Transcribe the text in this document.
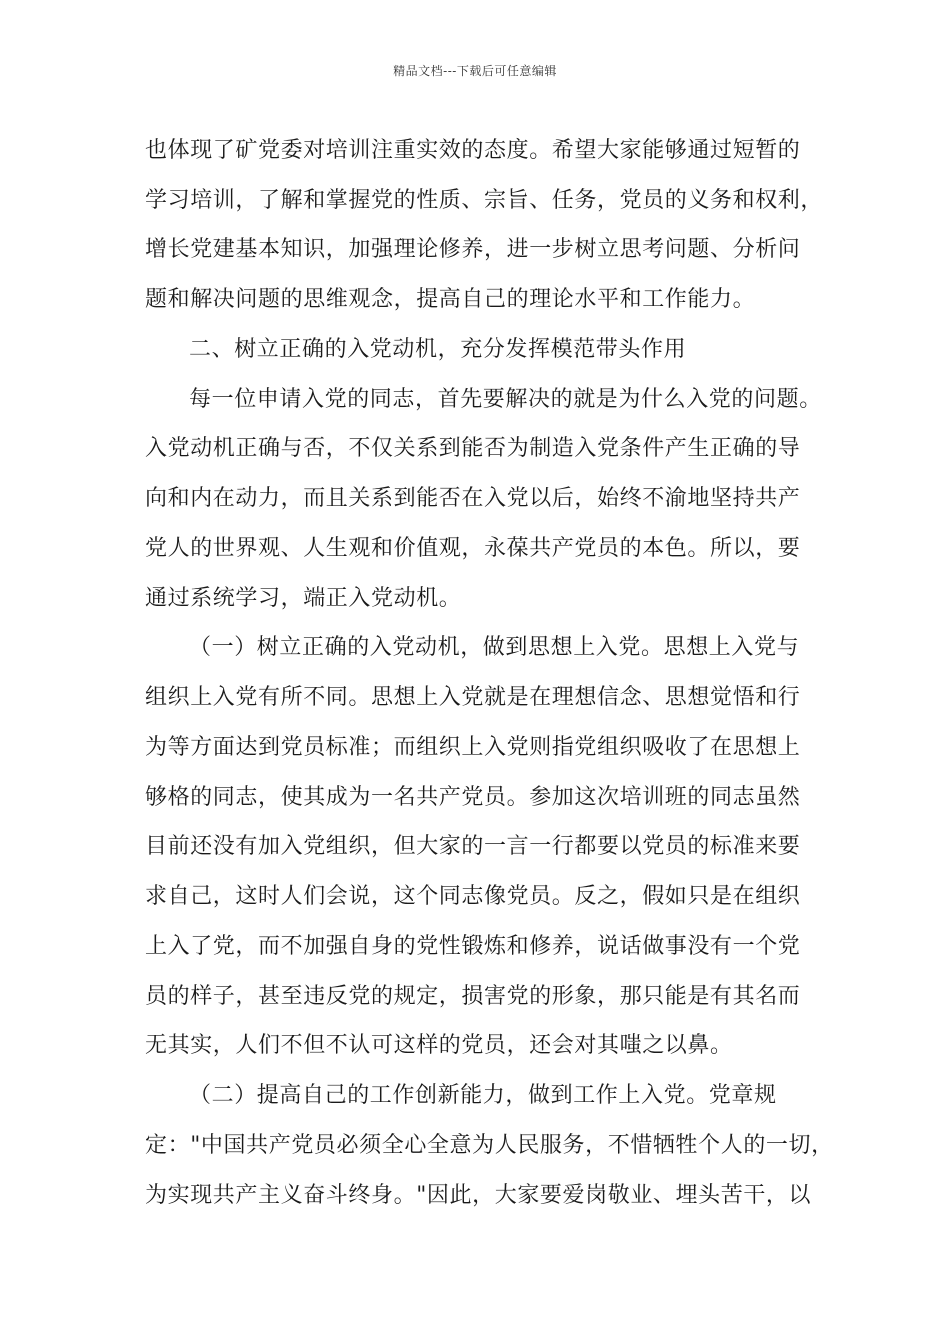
精品文档---下载后可任意编辑
也体现了矿党委对培训注重实效的态度。希望大家能够通过短暂的
学习培训，了解和掌握党的性质、宗旨、任务，党员的义务和权利，
增长党建基本知识，加强理论修养，进一步树立思考问题、分析问
题和解决问题的思维观念，提高自己的理论水平和工作能力。
二、树立正确的入党动机，充分发挥模范带头作用
每一位申请入党的同志，首先要解决的就是为什么入党的问题。
入党动机正确与否，不仅关系到能否为制造入党条件产生正确的导
向和内在动力，而且关系到能否在入党以后，始终不渝地坚持共产
党人的世界观、人生观和价值观，永葆共产党员的本色。所以，要
通过系统学习，端正入党动机。
（一）树立正确的入党动机，做到思想上入党。思想上入党与
组织上入党有所不同。思想上入党就是在理想信念、思想觉悟和行
为等方面达到党员标准；而组织上入党则指党组织吸收了在思想上
够格的同志，使其成为一名共产党员。参加这次培训班的同志虽然
目前还没有加入党组织，但大家的一言一行都要以党员的标准来要
求自己，这时人们会说，这个同志像党员。反之，假如只是在组织
上入了党，而不加强自身的党性锻炼和修养，说话做事没有一个党
员的样子，甚至违反党的规定，损害党的形象，那只能是有其名而
无其实，人们不但不认可这样的党员，还会对其嗤之以鼻。
（二）提高自己的工作创新能力，做到工作上入党。党章规
定："中国共产党员必须全心全意为人民服务，不惜牺牲个人的一切，
为实现共产主义奋斗终身。"因此，大家要爱岗敬业、埋头苦干，以
